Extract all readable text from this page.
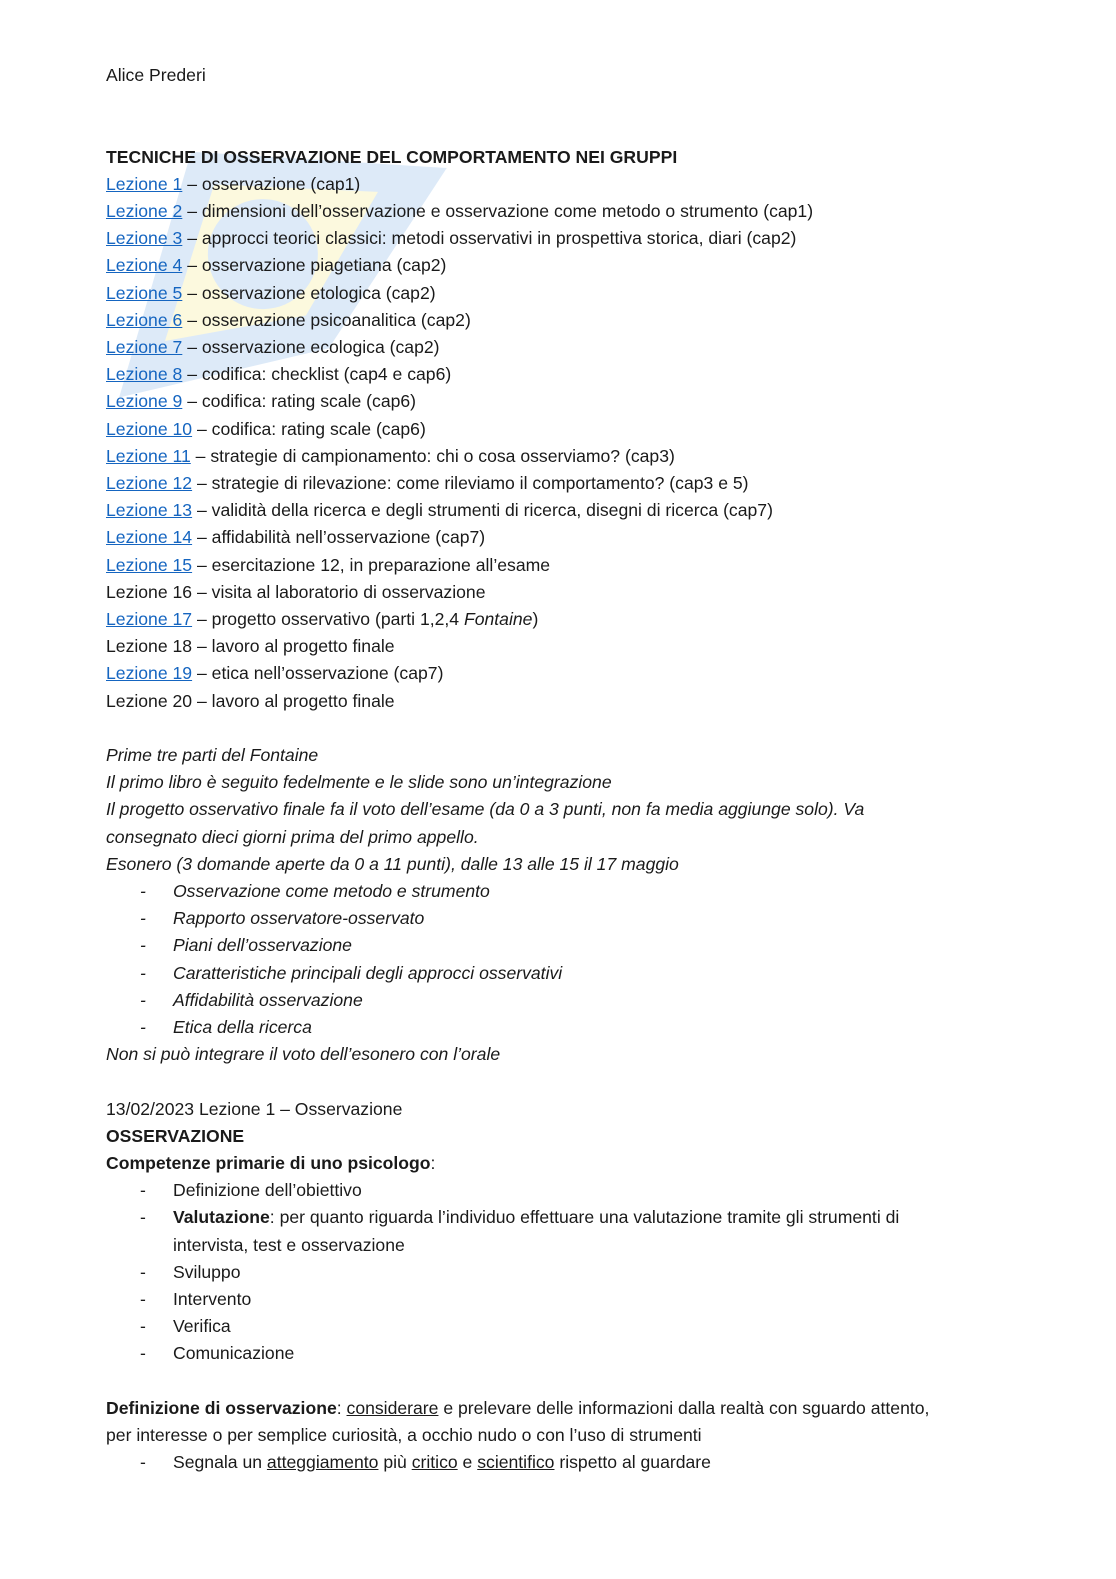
Alice Prederi
TECNICHE DI OSSERVAZIONE DEL COMPORTAMENTO NEI GRUPPI
Lezione 1 – osservazione (cap1)
Lezione 2 – dimensioni dell’osservazione e osservazione come metodo o strumento (cap1)
Lezione 3 – approcci teorici classici: metodi osservativi in prospettiva storica, diari (cap2)
Lezione 4 – osservazione piagetiana (cap2)
Lezione 5 – osservazione etologica (cap2)
Lezione 6 – osservazione psicoanalitica (cap2)
Lezione 7 – osservazione ecologica (cap2)
Lezione 8 – codifica: checklist (cap4 e cap6)
Lezione 9 – codifica: rating scale (cap6)
Lezione 10 – codifica: rating scale (cap6)
Lezione 11 – strategie di campionamento: chi o cosa osserviamo? (cap3)
Lezione 12 – strategie di rilevazione: come rileviamo il comportamento? (cap3 e 5)
Lezione 13 – validità della ricerca e degli strumenti di ricerca, disegni di ricerca (cap7)
Lezione 14 – affidabilità nell’osservazione (cap7)
Lezione 15 – esercitazione 12, in preparazione all’esame
Lezione 16 – visita al laboratorio di osservazione
Lezione 17 – progetto osservativo (parti 1,2,4 Fontaine)
Lezione 18 – lavoro al progetto finale
Lezione 19 – etica nell’osservazione (cap7)
Lezione 20 – lavoro al progetto finale
Prime tre parti del Fontaine
Il primo libro è seguito fedelmente e le slide sono un’integrazione
Il progetto osservativo finale fa il voto dell’esame (da 0 a 3 punti, non fa media aggiunge solo). Va
consegnato dieci giorni prima del primo appello.
Esonero (3 domande aperte da 0 a 11 punti), dalle 13 alle 15 il 17 maggio
- Osservazione come metodo e strumento
- Rapporto osservatore-osservato
- Piani dell’osservazione
- Caratteristiche principali degli approcci osservativi
- Affidabilità osservazione
- Etica della ricerca
Non si può integrare il voto dell’esonero con l’orale
13/02/2023 Lezione 1 – Osservazione
OSSERVAZIONE
Competenze primarie di uno psicologo:
- Definizione dell’obiettivo
- Valutazione: per quanto riguarda l’individuo effettuare una valutazione tramite gli strumenti di
intervista, test e osservazione
- Sviluppo
- Intervento
- Verifica
- Comunicazione
Definizione di osservazione: considerare e prelevare delle informazioni dalla realtà con sguardo attento,
per interesse o per semplice curiosità, a occhio nudo o con l’uso di strumenti
- Segnala un atteggiamento più critico e scientifico rispetto al guardare
